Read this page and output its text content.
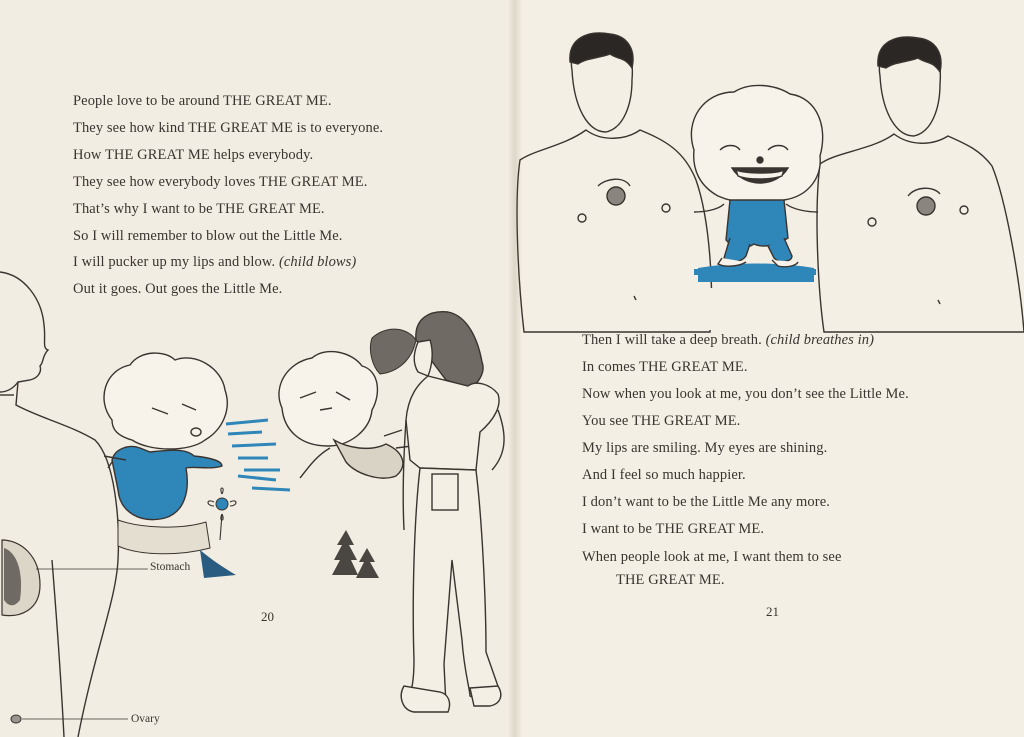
People love to be around THE GREAT ME.
They see how kind THE GREAT ME is to everyone.
How THE GREAT ME helps everybody.
They see how everybody loves THE GREAT ME.
That’s why I want to be THE GREAT ME.
So I will remember to blow out the Little Me.
I will pucker up my lips and blow. (child blows)
Out it goes. Out goes the Little Me.
Stomach
Ovary
20
Then I will take a deep breath. (child breathes in)
In comes THE GREAT ME.
Now when you look at me, you don’t see the Little Me.
You see THE GREAT ME.
My lips are smiling. My eyes are shining.
And I feel so much happier.
I don’t want to be the Little Me any more.
I want to be THE GREAT ME.
When people look at me, I want them to see
THE GREAT ME.
21
